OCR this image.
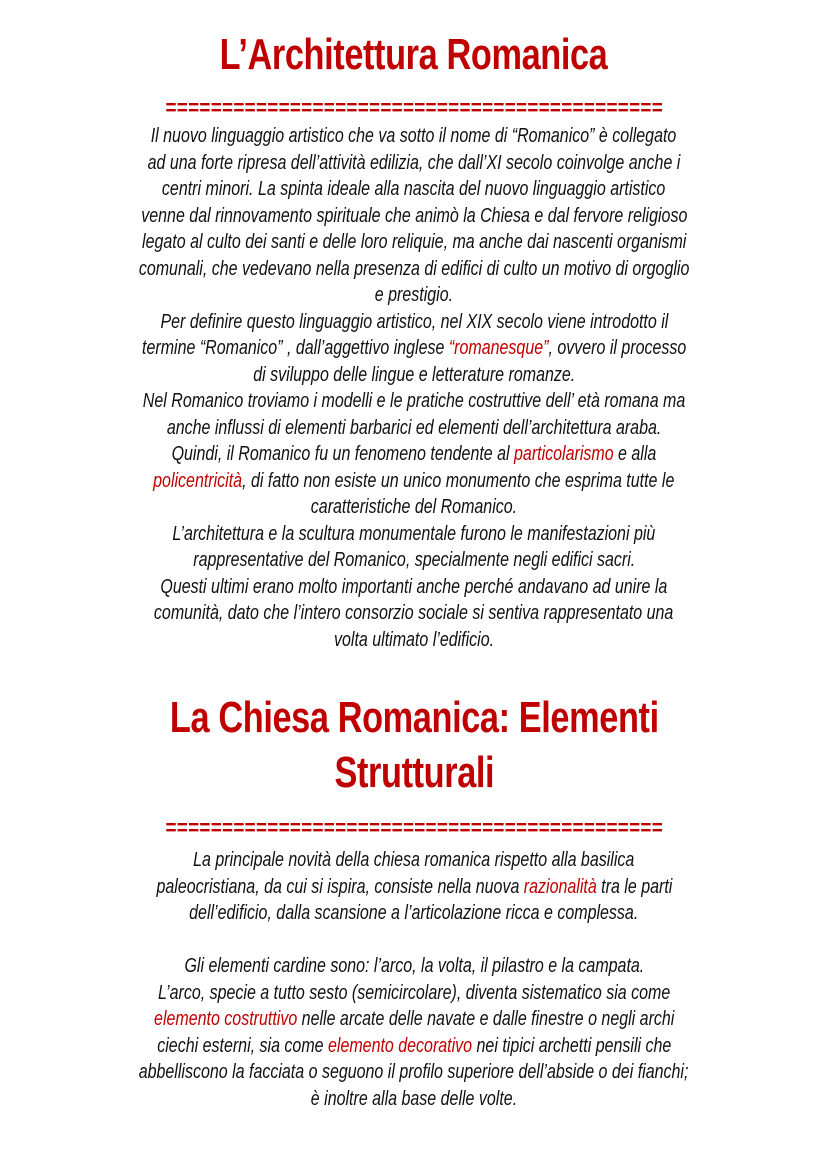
L’Architettura Romanica
============================================
Il nuovo linguaggio artistico che va sotto il nome di “Romanico” è collegato
ad una forte ripresa dell’attività edilizia, che dall’XI secolo coinvolge anche i
centri minori. La spinta ideale alla nascita del nuovo linguaggio artistico
venne dal rinnovamento spirituale che animò la Chiesa e dal fervore religioso
legato al culto dei santi e delle loro reliquie, ma anche dai nascenti organismi
comunali, che vedevano nella presenza di edifici di culto un motivo di orgoglio
e prestigio.
Per definire questo linguaggio artistico, nel XIX secolo viene introdotto il
termine “Romanico” , dall’aggettivo inglese “romanesque”, ovvero il processo
di sviluppo delle lingue e letterature romanze.
Nel Romanico troviamo i modelli e le pratiche costruttive dell’ età romana ma
anche influssi di elementi barbarici ed elementi dell’architettura araba.
Quindi, il Romanico fu un fenomeno tendente al particolarismo e alla
policentricità, di fatto non esiste un unico monumento che esprima tutte le
caratteristiche del Romanico.
L’architettura e la scultura monumentale furono le manifestazioni più
rappresentative del Romanico, specialmente negli edifici sacri.
Questi ultimi erano molto importanti anche perché andavano ad unire la
comunità, dato che l’intero consorzio sociale si sentiva rappresentato una
volta ultimato l’edificio.
La Chiesa Romanica: Elementi
Strutturali
============================================
La principale novità della chiesa romanica rispetto alla basilica
paleocristiana, da cui si ispira, consiste nella nuova razionalità tra le parti
dell’edificio, dalla scansione a l’articolazione ricca e complessa.
Gli elementi cardine sono: l’arco, la volta, il pilastro e la campata.
L’arco, specie a tutto sesto (semicircolare), diventa sistematico sia come
elemento costruttivo nelle arcate delle navate e dalle finestre o negli archi
ciechi esterni, sia come elemento decorativo nei tipici archetti pensili che
abbelliscono la facciata o seguono il profilo superiore dell’abside o dei fianchi;
è inoltre alla base delle volte.
